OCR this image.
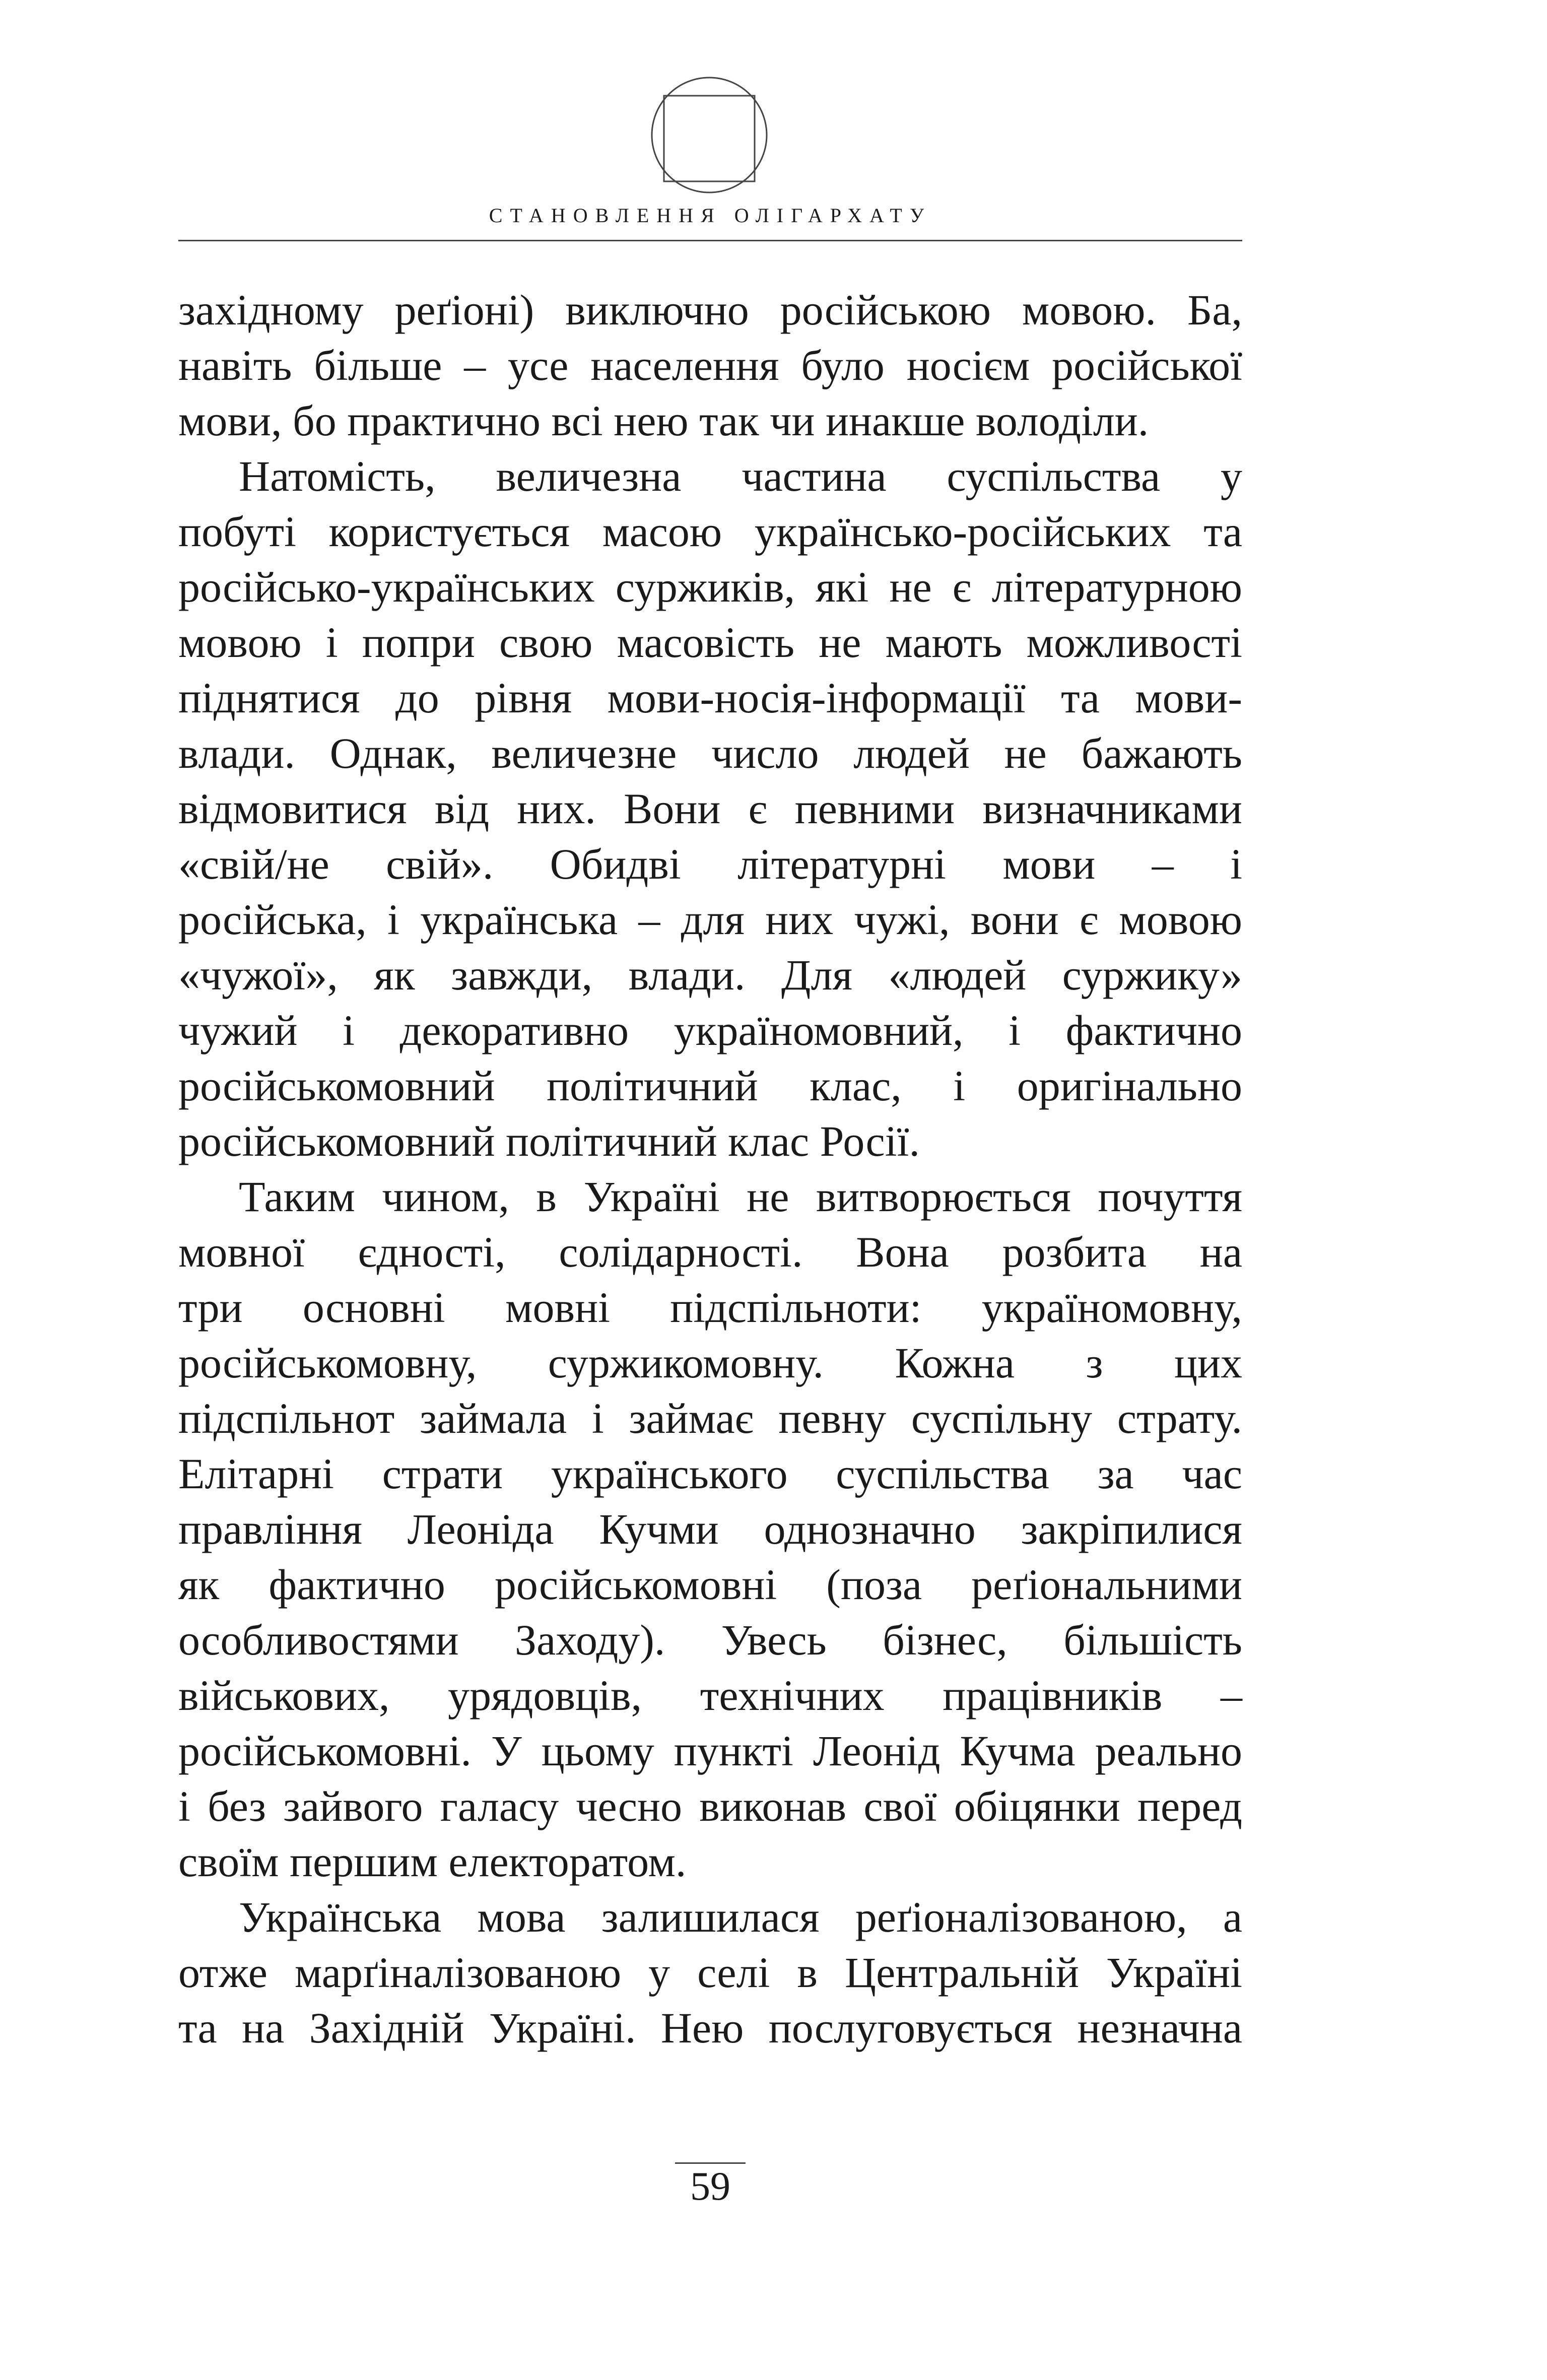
СТАНОВЛЕННЯ ОЛІГАРХАТУ
західному реґіоні) виключно російською мовою. Ба,
навіть більше – усе населення було носієм російської
мови, бо практично всі нею так чи инакше володіли.
Натомість, величезна частина суспільства у
побуті користується масою українсько-російських та
російсько-українських суржиків, які не є літературною
мовою і попри свою масовість не мають можливості
піднятися до рівня мови-носія-інформації та мови-
влади. Однак, величезне число людей не бажають
відмовитися від них. Вони є певними визначниками
«свій/не свій». Обидві літературні мови – і
російська, і українська – для них чужі, вони є мовою
«чужої», як завжди, влади. Для «людей суржику»
чужий і декоративно україномовний, і фактично
російськомовний політичний клас, і оригінально
російськомовний політичний клас Росії.
Таким чином, в Україні не витворюється почуття
мовної єдності, солідарності. Вона розбита на
три основні мовні підспільноти: україномовну,
російськомовну, суржикомовну. Кожна з цих
підспільнот займала і займає певну суспільну страту.
Елітарні страти українського суспільства за час
правління Леоніда Кучми однозначно закріпилися
як фактично російськомовні (поза реґіональними
особливостями Заходу). Увесь бізнес, більшість
військових, урядовців, технічних працівників –
російськомовні. У цьому пункті Леонід Кучма реально
і без зайвого галасу чесно виконав свої обіцянки перед
своїм першим електоратом.
Українська мова залишилася реґіоналізованою, а
отже марґіналізованою у селі в Центральній Україні
та на Західній Україні. Нею послуговується незначна
59
